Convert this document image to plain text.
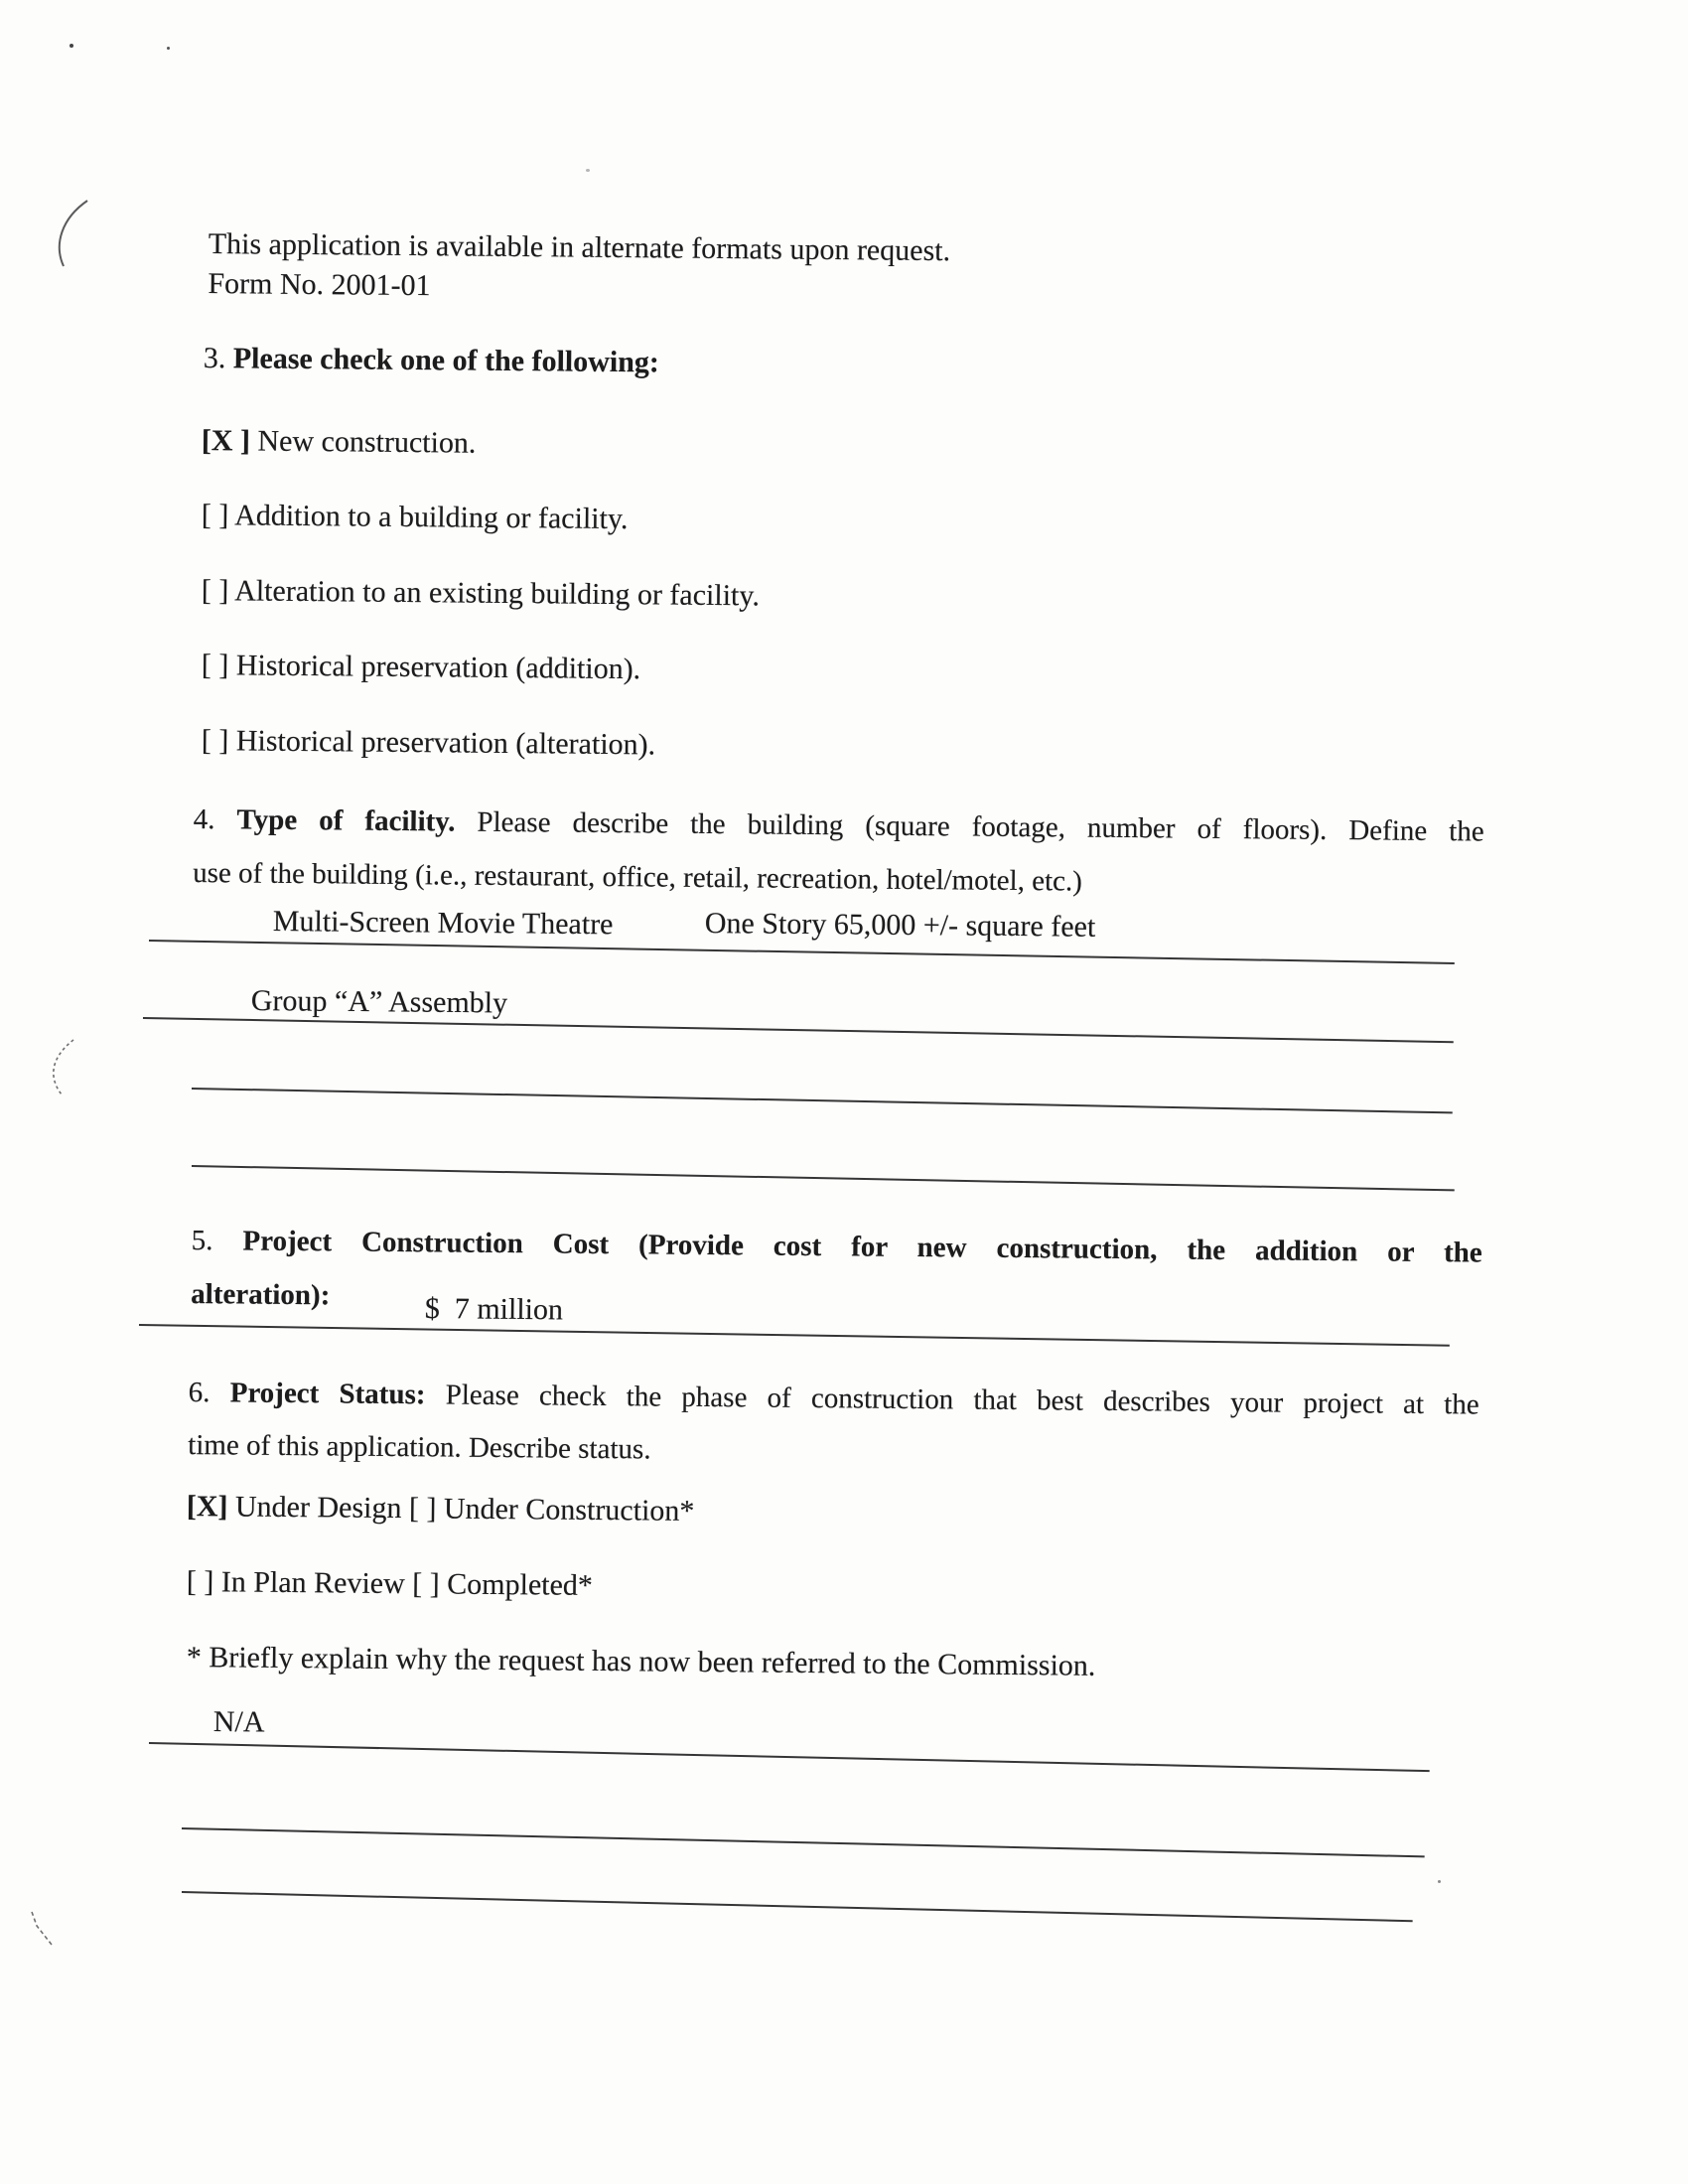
This application is available in alternate formats upon request.
Form No. 2001-01
3. Please check one of the following:
[X ] New construction.
[ ] Addition to a building or facility.
[ ] Alteration to an existing building or facility.
[ ] Historical preservation (addition).
[ ] Historical preservation (alteration).
4. Type of facility. Please describe the building (square footage, number of floors). Define the
use of the building (i.e., restaurant, office, retail, recreation, hotel/motel, etc.)
Multi-Screen Movie Theatre	One Story 65,000 +/- square feet
Group “A” Assembly
5. Project Construction Cost (Provide cost for new construction, the addition or the
alteration):	$  7 million
6. Project Status: Please check the phase of construction that best describes your project at the
time of this application. Describe status.
[X] Under Design [ ] Under Construction*
[ ] In Plan Review [ ] Completed*
* Briefly explain why the request has now been referred to the Commission.
N/A
